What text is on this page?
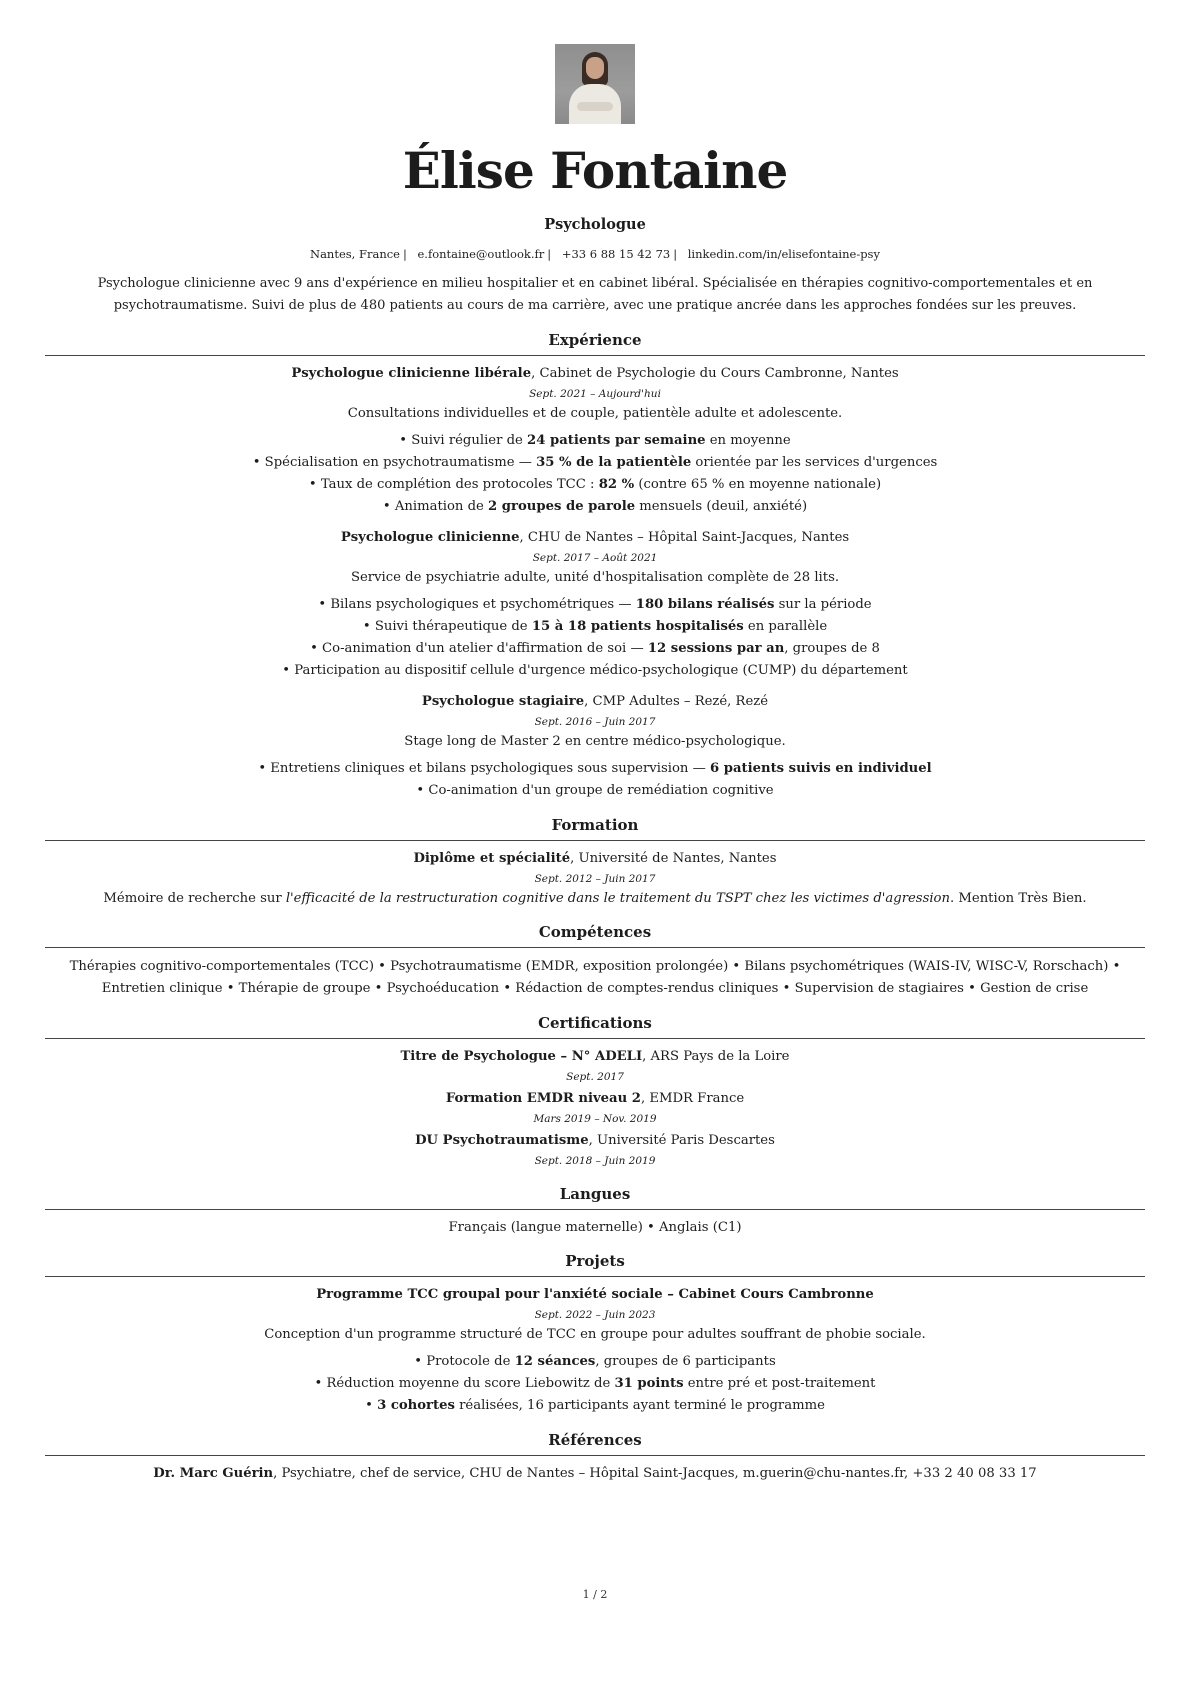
Élise Fontaine
Psychologue
Nantes, France | e.fontaine@outlook.fr | +33 6 88 15 42 73 | linkedin.com/in/elisefontaine-psy
Psychologue clinicienne avec 9 ans d'expérience en milieu hospitalier et en cabinet libéral. Spécialisée en thérapies cognitivo-comportementales et en psychotraumatisme. Suivi de plus de 480 patients au cours de ma carrière, avec une pratique ancrée dans les approches fondées sur les preuves.
Expérience
Psychologue clinicienne libérale, Cabinet de Psychologie du Cours Cambronne, Nantes
Sept. 2021 – Aujourd'hui
Consultations individuelles et de couple, patientèle adulte et adolescente.
• Suivi régulier de 24 patients par semaine en moyenne
• Spécialisation en psychotraumatisme — 35 % de la patientèle orientée par les services d'urgences
• Taux de complétion des protocoles TCC : 82 % (contre 65 % en moyenne nationale)
• Animation de 2 groupes de parole mensuels (deuil, anxiété)
Psychologue clinicienne, CHU de Nantes – Hôpital Saint-Jacques, Nantes
Sept. 2017 – Août 2021
Service de psychiatrie adulte, unité d'hospitalisation complète de 28 lits.
• Bilans psychologiques et psychométriques — 180 bilans réalisés sur la période
• Suivi thérapeutique de 15 à 18 patients hospitalisés en parallèle
• Co-animation d'un atelier d'affirmation de soi — 12 sessions par an, groupes de 8
• Participation au dispositif cellule d'urgence médico-psychologique (CUMP) du département
Psychologue stagiaire, CMP Adultes – Rezé, Rezé
Sept. 2016 – Juin 2017
Stage long de Master 2 en centre médico-psychologique.
• Entretiens cliniques et bilans psychologiques sous supervision — 6 patients suivis en individuel
• Co-animation d'un groupe de remédiation cognitive
Formation
Diplôme et spécialité, Université de Nantes, Nantes
Sept. 2012 – Juin 2017
Mémoire de recherche sur l'efficacité de la restructuration cognitive dans le traitement du TSPT chez les victimes d'agression. Mention Très Bien.
Compétences
Thérapies cognitivo-comportementales (TCC) • Psychotraumatisme (EMDR, exposition prolongée) • Bilans psychométriques (WAIS-IV, WISC-V, Rorschach) • Entretien clinique • Thérapie de groupe • Psychoéducation • Rédaction de comptes-rendus cliniques • Supervision de stagiaires • Gestion de crise
Certifications
Titre de Psychologue – N° ADELI, ARS Pays de la Loire
Sept. 2017
Formation EMDR niveau 2, EMDR France
Mars 2019 – Nov. 2019
DU Psychotraumatisme, Université Paris Descartes
Sept. 2018 – Juin 2019
Langues
Français (langue maternelle) • Anglais (C1)
Projets
Programme TCC groupal pour l'anxiété sociale – Cabinet Cours Cambronne
Sept. 2022 – Juin 2023
Conception d'un programme structuré de TCC en groupe pour adultes souffrant de phobie sociale.
• Protocole de 12 séances, groupes de 6 participants
• Réduction moyenne du score Liebowitz de 31 points entre pré et post-traitement
• 3 cohortes réalisées, 16 participants ayant terminé le programme
Références
Dr. Marc Guérin, Psychiatre, chef de service, CHU de Nantes – Hôpital Saint-Jacques, m.guerin@chu-nantes.fr, +33 2 40 08 33 17
1 / 2
